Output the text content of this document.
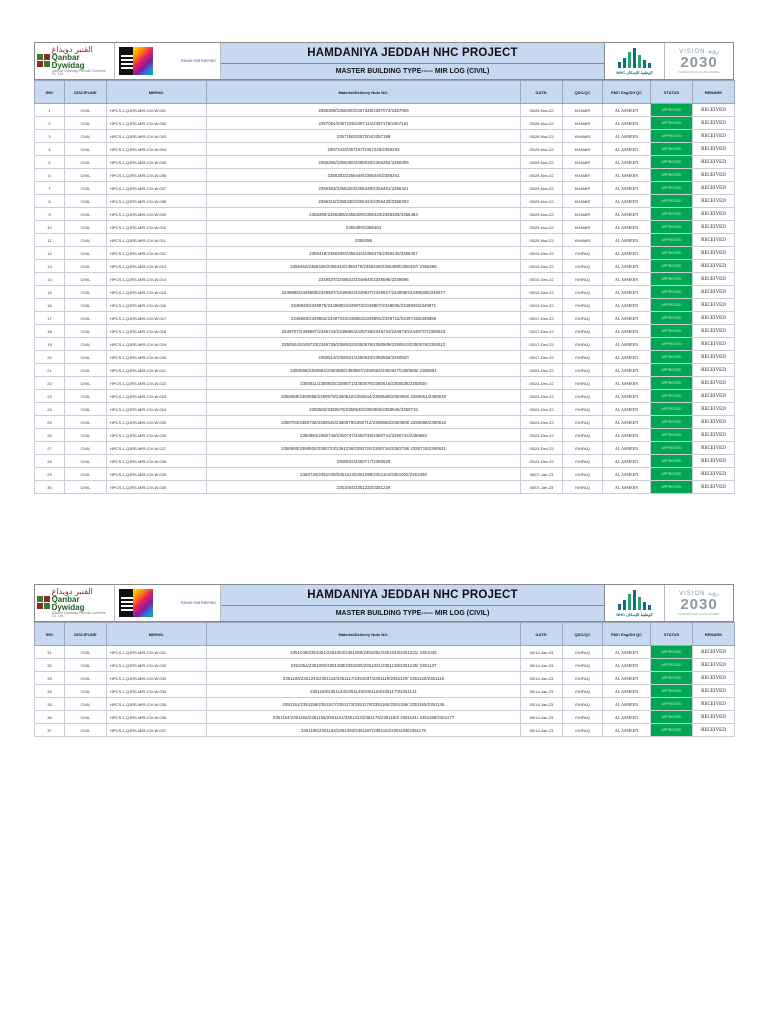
القنبر دويداغ
Qanbar Dywidag
Qanbar Dywidag Precast Concrete Co. Ltd.
RAYAS PARTNERING
HAMDANIYA JEDDAH NHC PROJECT
MASTER BUILDING TYPE----- MIR LOG (CIVIL)	NHC الوطنية للإسكان
VISION رؤية
2030
KINGDOM OF SAUDI ARABIA
SR#	DISCIPLINE	MIR/NO.	Material/Delivery Note NO.	DATE:	QDC/QC	PMC Eng/Dif QC	STATUS	REMARK
1	CIVIL	HPCS-1-QJRS-MIR-CIV-W-001	2356369/2356400/2357348/2357074/2357069	05/26-Nov-22	KHAMIR	AL ASMEEN	APPROVED	RECEIVED
2	CIVIL	HPCS-1-QJRS-MIR-CIV-W-002	2357064/2357105/2357114/2357175/2357161	05/26-Nov-22	KHAMIR	AL ASMEEN	APPROVED	RECEIVED
3	CIVIL	HPCS-1-QJRS-MIR-CIV-W-003	2357186/2357204/2357199	05/26-Nov-22	KHAMIR	AL ASMEEN	APPROVED	RECEIVED
4	CIVIL	HPCS-1-QJRS-MIR-CIV-W-004	2357243/2357157/2357229/2356253	05/29-Nov-22	KHAMIR	AL ASMEEN	APPROVED	RECEIVED
5	CIVIL	HPCS-1-QJRS-MIR-CIV-W-005	2356295/2356286/2356030/2356282/2356305	05/29-Nov-22	KHAMIR	AL ASMEEN	APPROVED	RECEIVED
6	CIVIL	HPCS-1-QJRS-MIR-CIV-W-006	2356283/2356449/2356440/2356341	05/29-Nov-22	KHAMIR	AL ASMEEN	APPROVED	RECEIVED
7	CIVIL	HPCS-1-QJRS-MIR-CIV-W-007	2356363/2356320/2356439/2356461/2356421	05/29-Nov-22	KHAMIR	AL ASMEEN	APPROVED	RECEIVED
8	CIVIL	HPCS-1-QJRS-MIR-CIV-W-008	2356310/2356330/2356434/2356430/2356393	05/29-Nov-22	KHAMIR	AL ASMEEN	APPROVED	RECEIVED
9	CIVIL	HPCS-1-QJRS-MIR-CIV-W-009	2356398/2356386/2356409/2356420/2356328/2356463	05/29-Nov-22	KHAMIR	AL ASMEEN	APPROVED	RECEIVED
10	CIVIL	HPCS-1-QJRS-MIR-CIV-W-010	2356390/2356464	05/29-Nov-22	KHAMIR	AL ASMEEN	APPROVED	RECEIVED
11	CIVIL	HPCS-1-QJRS-MIR-CIV-W-011	2356296	05/29-Nov-22	KHAMIR	AL ASMEEN	APPROVED	RECEIVED
12	CIVIL	HPCS-1-QJRS-MIR-CIV-W-012	2356419/2356408/2356415/2356479/2356440/2356457	05/10-Dec-22	ISHFAQ	AL ASMEEN	APPROVED	RECEIVED
13	CIVIL	HPCS-1-QJRS-MIR-CIV-W-013	2356462/2356436/2356443/2356478/2356439/2356498/2356497/ 2356486	05/10-Dec-22	ISHFAQ	AL ASMEEN	APPROVED	RECEIVED
14	CIVIL	HPCS-1-QJRS-MIR-CIV-W-014	2349537/2349542/2349546/2349595/2349596	05/10-Dec-22	ISHFAQ	AL ASMEEN	APPROVED	RECEIVED
15	CIVIL	HPCS-1-QJRS-MIR-CIV-W-015	2349686/2349688/2349587/2349562/2349637/2349627/2349580/2349638/2349577	05/10-Dec-22	ISHFAQ	AL ASMEEN	APPROVED	RECEIVED
16	CIVIL	HPCS-1-QJRS-MIR-CIV-W-016	2349838/2349875/2349880/2349873/2349867/2349836/2349839/2349871	05/10-Dec-22	ISHFAQ	AL ASMEEN	APPROVED	RECEIVED
17	CIVIL	HPCS-1-QJRS-MIR-CIV-W-017	2349669/2349852/2349703/2349803/2349891/2349712/2349719/2349889	05/17-Dec-22	ISHFAQ	AL ASMEEN	APPROVED	RECEIVED
18	CIVIL	HPCS-1-QJRS-MIR-CIV-W-018	2349707/2349687/2349743/2349685/2349738/2349734/2349740/2349737/2350523	05/17-Dec-22	ISHFAQ	AL ASMEEN	APPROVED	RECEIVED
19	CIVIL	HPCS-1-QJRS-MIR-CIV-W-019	2350524/2349733/2349735/2350533/2350576/2350509/2350513/2350578/2350510	05/17-Dec-22	ISHFAQ	AL ASMEEN	APPROVED	RECEIVED
20	CIVIL	HPCS-1-QJRS-MIR-CIV-W-020	2350514/2350521/2350540/2350566/2350520	05/17-Dec-22	ISHFAQ	AL ASMEEN	APPROVED	RECEIVED
21	CIVIL	HPCS-1-QJRS-MIR-CIV-W-021	2350596/2350564/2350595/2350587/2350563/2350627/2350565/ 2350591	05/24-Dec-22	ISHFAQ	AL ASMEEN	APPROVED	RECEIVED
22	CIVIL	HPCS-1-QJRS-MIR-CIV-W-022	2350611/2350603/2350671/2350579/2350615/2350538/2350620	05/24-Dec-22	ISHFAQ	AL ASMEEN	APPROVED	RECEIVED
23	CIVIL	HPCS-1-QJRS-MIR-CIV-W-023	2350669/2350058/2350679/2350542/2350544/2350548/2350650/ 2350651/2350619	05/24-Dec-22	ISHFAQ	AL ASMEEN	APPROVED	RECEIVED
24	CIVIL	HPCS-1-QJRS-MIR-CIV-W-024	2350582/2350679/2350648/2350655/2350645/2350715	05/24-Dec-22	ISHFAQ	AL ASMEEN	APPROVED	RECEIVED
25	CIVIL	HPCS-1-QJRS-MIR-CIV-W-025	2350704/2350708/2350646/2350678/2350712/2350683/2350693/ 2350688/2350616	05/24-Dec-22	ISHFAQ	AL ASMEEN	APPROVED	RECEIVED
26	CIVIL	HPCS-1-QJRS-MIR-CIV-W-026	2350684/2350748/2350747/2350746/2350741/2350744/2350684	05/24-Dec-22	ISHFAQ	AL ASMEEN	APPROVED	RECEIVED
27	CIVIL	HPCS-1-QJRS-MIR-CIV-W-027	2350680/2350630/2350723/2361238/2350720/2350716/2350739/ 2350719/2350631	05/24-Dec-22	ISHFAQ	AL ASMEEN	APPROVED	RECEIVED
28	CIVIL	HPCS-1-QJRS-MIR-CIV-W-028	2350622/2350717/2350629	05/24-Dec-22	ISHFAQ	AL ASMEEN	APPROVED	RECEIVED
29	CIVIL	HPCS-1-QJRS-MIR-CIV-W-029	2350730/2351049/2351013/2351099/2351104/2351002/2351008	05/07-Jan-23	ISHFAQ	AL ASMEEN	APPROVED	RECEIVED
30	CIVIL	HPCS-1-QJRS-MIR-CIV-W-030	2351004/2351232/2351229	05/07-Jan-23	ISHFAQ	AL ASMEEN	APPROVED	RECEIVED
· · ·
القنبر دويداغ
Qanbar Dywidag
Qanbar Dywidag Precast Concrete Co. Ltd.
RAYAS PARTNERING
HAMDANIYA JEDDAH NHC PROJECT
MASTER BUILDING TYPE----- MIR LOG (CIVIL)	NHC الوطنية للإسكان
VISION رؤية
2030
KINGDOM OF SAUDI ARABIA
SR#	DISCIPLINE	MIR/NO.	Material/Delivery Note NO.	DATE:	QDC/QC	PMC Eng/Dif QC	STATUS	REMARK
31	CIVIL	HPCS-1-QJRS-MIR-CIV-W-031	2351049/2351051/2351053/2351059/2351052/2351043/2351231/ 2351045	05/14-Jan-23	ISHFAQ	AL ASMEEN	APPROVED	RECEIVED
32	CIVIL	HPCS-1-QJRS-MIR-CIV-W-032	2351054/2351092/2351338/2351025/2351031/2351138/2351245/ 2351137	05/14-Jan-23	ISHFAQ	AL ASMEEN	APPROVED	RECEIVED
33	CIVIL	HPCS-1-QJRS-MIR-CIV-W-033	2351106/2351243/2351116/2351117/2351037/2351119/2351120/ 2351128/2351118	05/14-Jan-23	ISHFAQ	AL ASMEEN	APPROVED	RECEIVED
34	CIVIL	HPCS-1-QJRS-MIR-CIV-W-034	2351150/2351134/2351149/2351163/2351173/2351141	05/14-Jan-23	ISHFAQ	AL ASMEEN	APPROVED	RECEIVED
35	CIVIL	HPCS-1-QJRS-MIR-CIV-W-035	2351151/2351158/2351167/2351172/2351170/2351160/2351159/ 2351165/2351146	05/14-Jan-23	ISHFAQ	AL ASMEEN	APPROVED	RECEIVED
36	CIVIL	HPCS-1-QJRS-MIR-CIV-W-036	2351154/2351155/2351156/2351161/2351223/2351176/2351184/ 2351181/ 2351186/2351177	05/14-Jan-23	ISHFAQ	AL ASMEEN	APPROVED	RECEIVED
37	CIVIL	HPCS-1-QJRS-MIR-CIV-W-037	2351185/2351183/2351260/2351187/2351182/2351196/2351178	05/14-Jan-23	ISHFAQ	AL ASMEEN	APPROVED	RECEIVED
